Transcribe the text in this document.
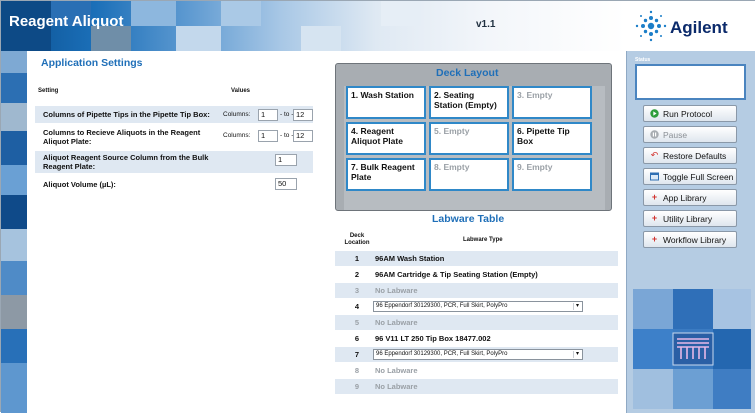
Reagent Aliquot	v1.1	Agilent
Application Settings
Setting	Values
Columns of Pipette Tips in the Pipette Tip Box:	Columns:	1	- to - 12
Columns to Recieve Aliquots in the Reagent Aliquot Plate:
Columns:	1	- to - 12
Aliquot Reagent Source Column from the Bulk Reagent Plate:
1
Aliquot Volume (µL):	50
Deck Layout
1. Wash Station	2. Seating Station (Empty)
3. Empty
4. Reagent Aliquot Plate
5. Empty	6. Pipette Tip Box
7. Bulk Reagent Plate
8. Empty	9. Empty
Labware Table
Deck Location	Labware Type
1	96AM Wash Station
2	96AM Cartridge & Tip Seating Station (Empty)
3	No Labware
4	96 Eppendorf 30129300, PCR, Full Skirt, PolyPro	▾
5	No Labware
6	96 V11 LT 250 Tip Box 18477.002
7	96 Eppendorf 30129300, PCR, Full Skirt, PolyPro	▾
8	No Labware
9	No Labware
Status
Run Protocol
Pause
↶ Restore Defaults
Toggle Full Screen
+ App Library
+ Utility Library
+ Workflow Library
